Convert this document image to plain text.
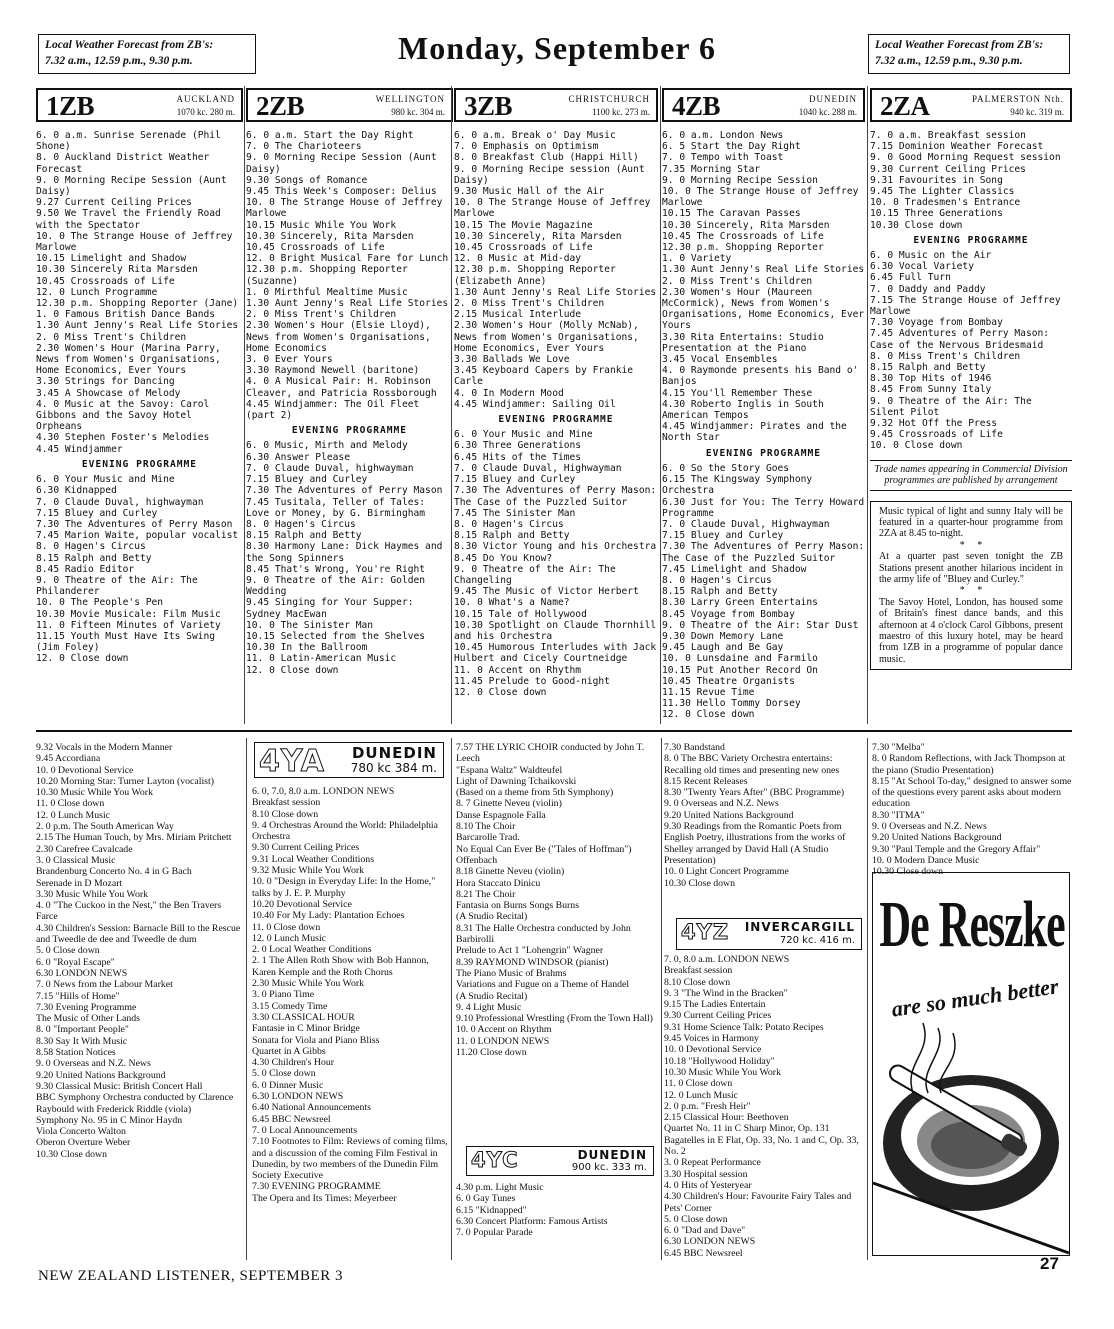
Local Weather Forecast from ZB's:
7.32 a.m., 12.59 p.m., 9.30 p.m.	Monday, September 6	Local Weather Forecast from ZB's:
7.32 a.m., 12.59 p.m., 9.30 p.m.
1ZB	AUCKLAND
1070 kc. 280 m.
6. 0 a.m. Sunrise Serenade (Phil Shone)
8. 0 Auckland District Weather Forecast
9. 0 Morning Recipe Session (Aunt Daisy)
9.27 Current Ceiling Prices
9.50 We Travel the Friendly Road with the Spectator
10. 0 The Strange House of Jeffrey Marlowe
10.15 Limelight and Shadow
10.30 Sincerely Rita Marsden
10.45 Crossroads of Life
12. 0 Lunch Programme
12.30 p.m. Shopping Reporter (Jane)
1. 0 Famous British Dance Bands
1.30 Aunt Jenny's Real Life Stories
2. 0 Miss Trent's Children
2.30 Women's Hour (Marina Parry, News from Women's Organisations, Home Economics, Ever Yours
3.30 Strings for Dancing
3.45 A Showcase of Melody
4. 0 Music at the Savoy: Carol Gibbons and the Savoy Hotel Orpheans
4.30 Stephen Foster's Melodies
4.45 Windjammer
EVENING PROGRAMME
6. 0 Your Music and Mine
6.30 Kidnapped
7. 0 Claude Duval, highwayman
7.15 Bluey and Curley
7.30 The Adventures of Perry Mason
7.45 Marion Waite, popular vocalist
8. 0 Hagen's Circus
8.15 Ralph and Betty
8.45 Radio Editor
9. 0 Theatre of the Air: The Philanderer
10. 0 The People's Pen
10.30 Movie Musicale: Film Music
11. 0 Fifteen Minutes of Variety
11.15 Youth Must Have Its Swing (Jim Foley)
12. 0 Close down
2ZB	WELLINGTON
980 kc. 304 m.
6. 0 a.m. Start the Day Right
7. 0 The Charioteers
9. 0 Morning Recipe Session (Aunt Daisy)
9.30 Songs of Romance
9.45 This Week's Composer: Delius
10. 0 The Strange House of Jeffrey Marlowe
10.15 Music While You Work
10.30 Sincerely, Rita Marsden
10.45 Crossroads of Life
12. 0 Bright Musical Fare for Lunch
12.30 p.m. Shopping Reporter (Suzanne)
1. 0 Mirthful Mealtime Music
1.30 Aunt Jenny's Real Life Stories
2. 0 Miss Trent's Children
2.30 Women's Hour (Elsie Lloyd), News from Women's Organisations, Home Economics
3. 0 Ever Yours
3.30 Raymond Newell (baritone)
4. 0 A Musical Pair: H. Robinson Cleaver, and Patricia Rossborough
4.45 Windjammer: The Oil Fleet (part 2)
EVENING PROGRAMME
6. 0 Music, Mirth and Melody
6.30 Answer Please
7. 0 Claude Duval, highwayman
7.15 Bluey and Curley
7.30 The Adventures of Perry Mason
7.45 Tusitala, Teller of Tales: Love or Money, by G. Birmingham
8. 0 Hagen's Circus
8.15 Ralph and Betty
8.30 Harmony Lane: Dick Haymes and the Song Spinners
8.45 That's Wrong, You're Right
9. 0 Theatre of the Air: Golden Wedding
9.45 Singing for Your Supper: Sydney MacEwan
10. 0 The Sinister Man
10.15 Selected from the Shelves
10.30 In the Ballroom
11. 0 Latin-American Music
12. 0 Close down
3ZB	CHRISTCHURCH
1100 kc. 273 m.
6. 0 a.m. Break o' Day Music
7. 0 Emphasis on Optimism
8. 0 Breakfast Club (Happi Hill)
9. 0 Morning Recipe session (Aunt Daisy)
9.30 Music Hall of the Air
10. 0 The Strange House of Jeffrey Marlowe
10.15 The Movie Magazine
10.30 Sincerely, Rita Marsden
10.45 Crossroads of Life
12. 0 Music at Mid-day
12.30 p.m. Shopping Reporter (Elizabeth Anne)
1.30 Aunt Jenny's Real Life Stories
2. 0 Miss Trent's Children
2.15 Musical Interlude
2.30 Women's Hour (Molly McNab), News from Women's Organisations, Home Economics, Ever Yours
3.30 Ballads We Love
3.45 Keyboard Capers by Frankie Carle
4. 0 In Modern Mood
4.45 Windjammer: Sailing Oil
EVENING PROGRAMME
6. 0 Your Music and Mine
6.30 Three Generations
6.45 Hits of the Times
7. 0 Claude Duval, Highwayman
7.15 Bluey and Curley
7.30 The Adventures of Perry Mason: The Case of the Puzzled Suitor
7.45 The Sinister Man
8. 0 Hagen's Circus
8.15 Ralph and Betty
8.30 Victor Young and his Orchestra
8.45 Do You Know?
9. 0 Theatre of the Air: The Changeling
9.45 The Music of Victor Herbert
10. 0 What's a Name?
10.15 Tale of Hollywood
10.30 Spotlight on Claude Thornhill and his Orchestra
10.45 Humorous Interludes with Jack Hulbert and Cicely Courtneidge
11. 0 Accent on Rhythm
11.45 Prelude to Good-night
12. 0 Close down
4ZB	DUNEDIN
1040 kc. 288 m.
6. 0 a.m. London News
6. 5 Start the Day Right
7. 0 Tempo with Toast
7.35 Morning Star
9. 0 Morning Recipe Session
10. 0 The Strange House of Jeffrey Marlowe
10.15 The Caravan Passes
10.30 Sincerely, Rita Marsden
10.45 The Crossroads of Life
12.30 p.m. Shopping Reporter
1. 0 Variety
1.30 Aunt Jenny's Real Life Stories
2. 0 Miss Trent's Children
2.30 Women's Hour (Maureen McCormick), News from Women's Organisations, Home Economics, Ever Yours
3.30 Rita Entertains: Studio Presentation at the Piano
3.45 Vocal Ensembles
4. 0 Raymonde presents his Band o' Banjos
4.15 You'll Remember These
4.30 Roberto Inglis in South American Tempos
4.45 Windjammer: Pirates and the North Star
EVENING PROGRAMME
6. 0 So the Story Goes
6.15 The Kingsway Symphony Orchestra
6.30 Just for You: The Terry Howard Programme
7. 0 Claude Duval, Highwayman
7.15 Bluey and Curley
7.30 The Adventures of Perry Mason: The Case of the Puzzled Suitor
7.45 Limelight and Shadow
8. 0 Hagen's Circus
8.15 Ralph and Betty
8.30 Larry Green Entertains
8.45 Voyage from Bombay
9. 0 Theatre of the Air: Star Dust
9.30 Down Memory Lane
9.45 Laugh and Be Gay
10. 0 Lunsdaine and Farmilo
10.15 Put Another Record On
10.45 Theatre Organists
11.15 Revue Time
11.30 Hello Tommy Dorsey
12. 0 Close down
2ZA	PALMERSTON Nth.
940 kc. 319 m.
7. 0 a.m. Breakfast session
7.15 Dominion Weather Forecast
9. 0 Good Morning Request session
9.30 Current Ceiling Prices
9.31 Favourites in Song
9.45 The Lighter Classics
10. 0 Tradesmen's Entrance
10.15 Three Generations
10.30 Close down
EVENING PROGRAMME
6. 0 Music on the Air
6.30 Vocal Variety
6.45 Full Turn
7. 0 Daddy and Paddy
7.15 The Strange House of Jeffrey Marlowe
7.30 Voyage from Bombay
7.45 Adventures of Perry Mason: Case of the Nervous Bridesmaid
8. 0 Miss Trent's Children
8.15 Ralph and Betty
8.30 Top Hits of 1946
8.45 From Sunny Italy
9. 0 Theatre of the Air: The Silent Pilot
9.32 Hot Off the Press
9.45 Crossroads of Life
10. 0 Close down
Trade names appearing in Commercial Division programmes are published by arrangement
Music typical of light and sunny Italy will be featured in a quarter-hour programme from 2ZA at 8.45 to-night.
*     *
At a quarter past seven tonight the ZB Stations present another hilarious incident in the army life of "Bluey and Curley."
*     *
The Savoy Hotel, London, has housed some of Britain's finest dance bands, and this afternoon at 4 o'clock Carol Gibbons, present maestro of this luxury hotel, may be heard from 1ZB in a programme of popular dance music.
9.32 Vocals in the Modern Manner
9.45 Accordiana
10. 0 Devotional Service
10.20 Morning Star: Turner Layton (vocalist)
10.30 Music While You Work
11. 0 Close down
12. 0 Lunch Music
2. 0 p.m. The South American Way
2.15 The Human Touch, by Mrs. Miriam Pritchett
2.30 Carefree Cavalcade
3. 0 Classical Music
Brandenburg Concerto No. 4 in G Bach
Serenade in D Mozart
3.30 Music While You Work
4. 0 "The Cuckoo in the Nest," the Ben Travers Farce
4.30 Children's Session: Barnacle Bill to the Rescue and Tweedle de dee and Tweedle de dum
5. 0 Close down
6. 0 "Royal Escape"
6.30 LONDON NEWS
7. 0 News from the Labour Market
7.15 "Hills of Home"
7.30 Evening Programme
The Music of Other Lands
8. 0 "Important People"
8.30 Say It With Music
8.58 Station Notices
9. 0 Overseas and N.Z. News
9.20 United Nations Background
9.30 Classical Music: British Concert Hall
BBC Symphony Orchestra conducted by Clarence Raybould with Frederick Riddle (viola)
Symphony No. 95 in C Minor Haydn
Viola Concerto Walton
Oberon Overture Weber
10.30 Close down
4YA DUNEDIN
780 kc 384 m.
6. 0, 7.0, 8.0 a.m. LONDON NEWS
Breakfast session
8.10 Close down
9. 4 Orchestras Around the World: Philadelphia Orchestra
9.30 Current Ceiling Prices
9.31 Local Weather Conditions
9.32 Music While You Work
10. 0 "Design in Everyday Life: In the Home," talks by J. E. P. Murphy
10.20 Devotional Service
10.40 For My Lady: Plantation Echoes
11. 0 Close down
12. 0 Lunch Music
2. 0 Local Weather Conditions
2. 1 The Allen Roth Show with Bob Hannon, Karen Kemple and the Roth Chorus
2.30 Music While You Work
3. 0 Piano Time
3.15 Comedy Time
3.30 CLASSICAL HOUR
Fantasie in C Minor Bridge
Sonata for Viola and Piano Bliss
Quartet in A Gibbs
4.30 Children's Hour
5. 0 Close down
6. 0 Dinner Music
6.30 LONDON NEWS
6.40 National Announcements
6.45 BBC Newsreel
7. 0 Local Announcements
7.10 Footnotes to Film: Reviews of coming films, and a discussion of the coming Film Festival in Dunedin, by two members of the Dunedin Film Society Executive
7.30 EVENING PROGRAMME
The Opera and Its Times: Meyerbeer
7.57 THE LYRIC CHOIR conducted by John T. Leech
"Espana Waltz" Waldteufel
Light of Dawning Tchaikovski
(Based on a theme from 5th Symphony)
8. 7 Ginette Neveu (violin)
Danse Espagnole Falla
8.10 The Choir
Barcarolle Trad.
No Equal Can Ever Be ("Tales of Hoffman") Offenbach
8.18 Ginette Neveu (violin)
Hora Staccato Dinicu
8.21 The Choir
Fantasia on Burns Songs Burns
(A Studio Recital)
8.31 The Halle Orchestra conducted by John Barbirolli
Prelude to Act 1 "Lohengrin" Wagner
8.39 RAYMOND WINDSOR (pianist)
The Piano Music of Brahms
Variations and Fugue on a Theme of Handel
(A Studio Recital)
9. 4 Light Music
9.10 Professional Wrestling (From the Town Hall)
10. 0 Accent on Rhythm
11. 0 LONDON NEWS
11.20 Close down
4YC	DUNEDIN
900 kc. 333 m.
4.30 p.m. Light Music
6. 0 Gay Tunes
6.15 "Kidnapped"
6.30 Concert Platform: Famous Artists
7. 0 Popular Parade
7.30 Bandstand
8. 0 The BBC Variety Orchestra entertains: Recalling old times and presenting new ones
8.15 Recent Releases
8.30 "Twenty Years After" (BBC Programme)
9. 0 Overseas and N.Z. News
9.20 United Nations Background
9.30 Readings from the Romantic Poets from English Poetry, illustrations from the works of Shelley arranged by David Hall (A Studio Presentation)
10. 0 Light Concert Programme
10.30 Close down
4YZ INVERCARGILL
720 kc. 416 m.
7. 0, 8.0 a.m. LONDON NEWS
Breakfast session
8.10 Close down
9. 3 "The Wind in the Bracken"
9.15 The Ladies Entertain
9.30 Current Ceiling Prices
9.31 Home Science Talk: Potato Recipes
9.45 Voices in Harmony
10. 0 Devotional Service
10.18 "Hollywood Holiday"
10.30 Music While You Work
11. 0 Close down
12. 0 Lunch Music
2. 0 p.m. "Fresh Heir"
2.15 Classical Hour: Beethoven
Quartet No. 11 in C Sharp Minor, Op. 131
Bagatelles in E Flat, Op. 33, No. 1 and C, Op. 33, No. 2
3. 0 Repeat Performance
3.30 Hospital session
4. 0 Hits of Yesteryear
4.30 Children's Hour: Favourite Fairy Tales and Pets' Corner
5. 0 Close down
6. 0 "Dad and Dave"
6.30 LONDON NEWS
6.45 BBC Newsreel
7.30 "Melba"
8. 0 Random Reflections, with Jack Thompson at the piano (Studio Presentation)
8.15 "At School To-day," designed to answer some of the questions every parent asks about modern education
8.30 "ITMA"
9. 0 Overseas and N.Z. News
9.20 United Nations Background
9.30 "Paul Temple and the Gregory Affair"
10. 0 Modern Dance Music
10.30 Close down
De Reszke
are so much better
NEW ZEALAND LISTENER, SEPTEMBER 3
27
